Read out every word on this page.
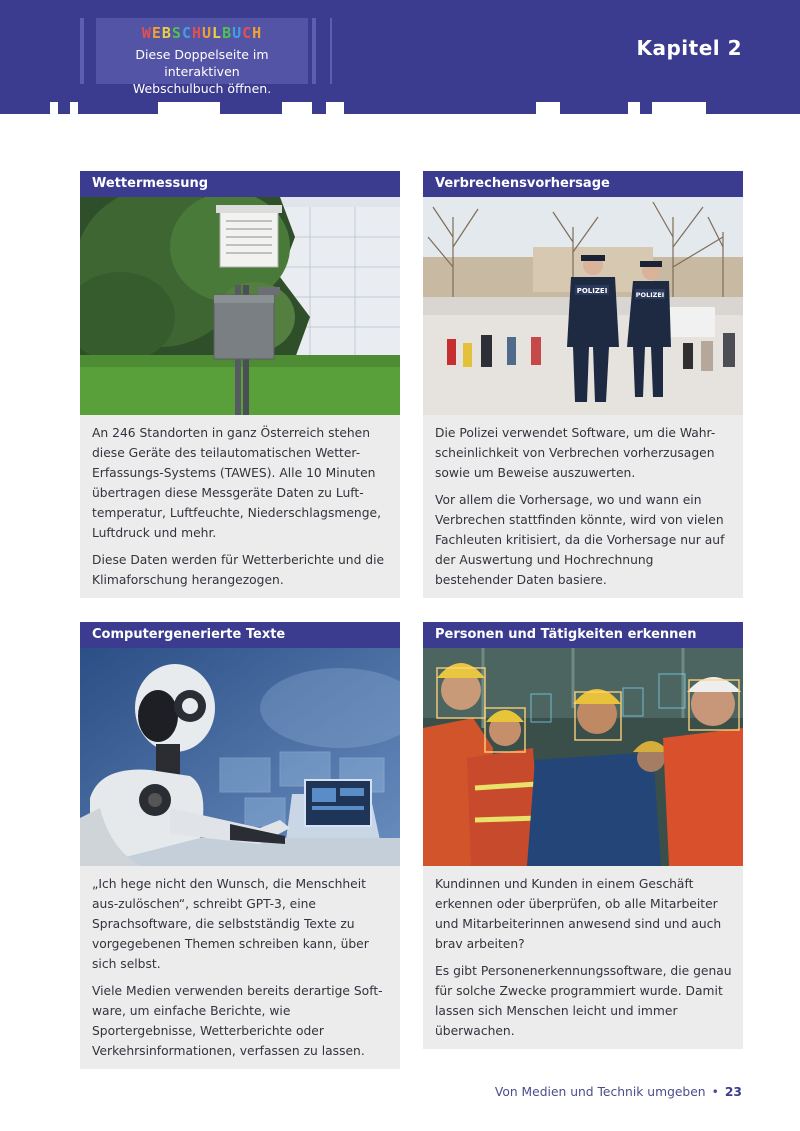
WEBSCHULBUCH
Diese Doppelseite im interaktiven
Webschulbuch öffnen.
Kapitel 2
Wettermessung

An 246 Standorten in ganz Österreich stehen diese Geräte des teilautomatischen Wetter-Erfassungs-Systems (TAWES). Alle 10 Minuten übertragen diese Messgeräte Daten zu Luft-temperatur, Luftfeuchte, Niederschlagsmenge, Luftdruck und mehr.

Diese Daten werden für Wetterberichte und die Klimaforschung herangezogen.

Verbrechensvorhersage
POLIZEI	POLIZEI

Die Polizei verwendet Software, um die Wahr-scheinlichkeit von Verbrechen vorherzusagen sowie um Beweise auszuwerten.

Vor allem die Vorhersage, wo und wann ein Verbrechen stattfinden könnte, wird von vielen Fachleuten kritisiert, da die Vorhersage nur auf der Auswertung und Hochrechnung bestehender Daten basiere.

Computergenerierte Texte

„Ich hege nicht den Wunsch, die Menschheit aus-zulöschen“, schreibt GPT-3, eine Sprachsoftware, die selbstständig Texte zu vorgegebenen Themen schreiben kann, über sich selbst.

Viele Medien verwenden bereits derartige Soft-ware, um einfache Berichte, wie Sportergebnisse, Wetterberichte oder Verkehrsinformationen, verfassen zu lassen.

Personen und Tätigkeiten erkennen

Kundinnen und Kunden in einem Geschäft erkennen oder überprüfen, ob alle Mitarbeiter und Mitarbeiterinnen anwesend sind und auch brav arbeiten?

Es gibt Personenerkennungssoftware, die genau für solche Zwecke programmiert wurde. Damit lassen sich Menschen leicht und immer überwachen.

Von Medien und Technik umgeben • 23
